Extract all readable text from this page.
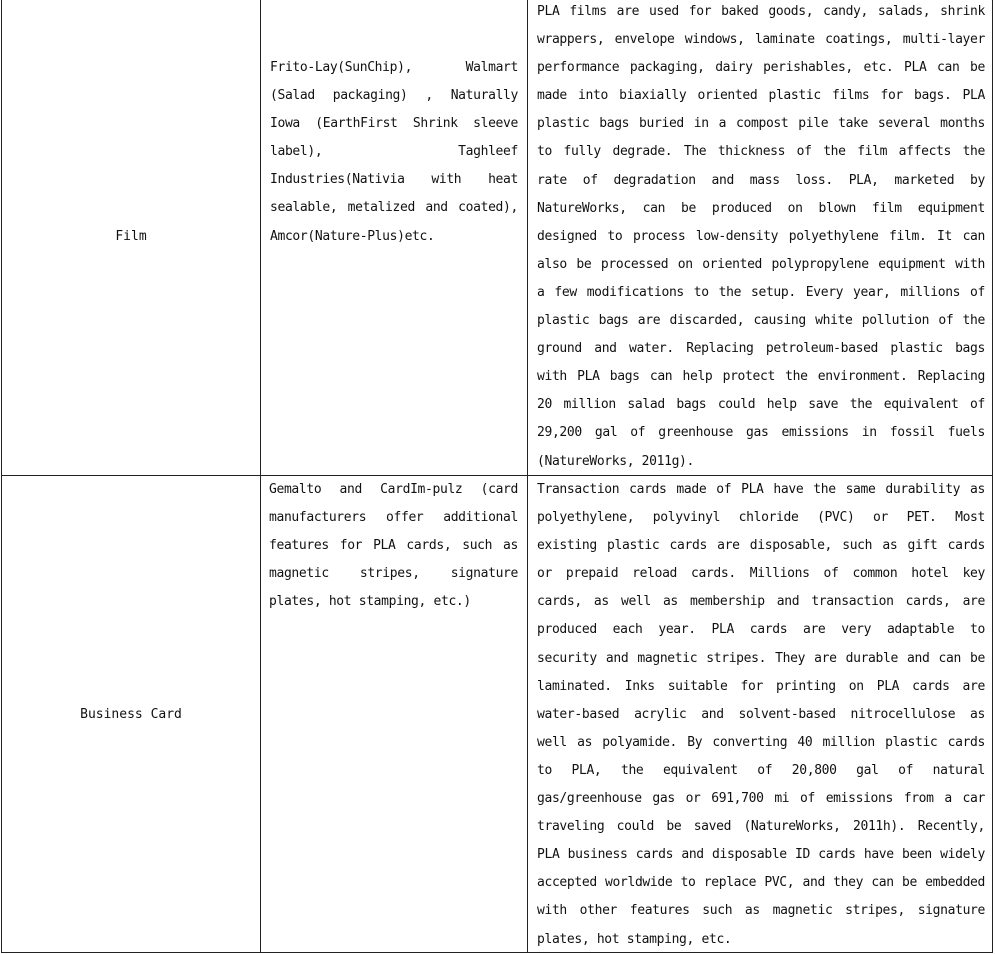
Film
Frito-Lay(SunChip), Walmart (Salad packaging) , Naturally Iowa (EarthFirst Shrink sleeve label), Taghleef Industries(Nativia with heat sealable, metalized and coated), Amcor(Nature-Plus)etc.
PLA films are used for baked goods, candy, salads, shrink wrappers, envelope windows, laminate coatings, multi-layer performance packaging, dairy perishables, etc. PLA can be made into biaxially oriented plastic films for bags. PLA plastic bags buried in a compost pile take several months to fully degrade. The thickness of the film affects the rate of degradation and mass loss. PLA, marketed by NatureWorks, can be produced on blown film equipment designed to process low-density polyethylene film. It can also be processed on oriented polypropylene equipment with a few modifications to the setup. Every year, millions of plastic bags are discarded, causing white pollution of the ground and water. Replacing petroleum-based plastic bags with PLA bags can help protect the environment. Replacing 20 million salad bags could help save the equivalent of 29,200 gal of greenhouse gas emissions in fossil fuels (NatureWorks, 2011g).
Business Card
Gemalto and CardIm-pulz (card manufacturers offer additional features for PLA cards, such as magnetic stripes, signature plates, hot stamping, etc.)
Transaction cards made of PLA have the same durability as polyethylene, polyvinyl chloride (PVC) or PET. Most existing plastic cards are disposable, such as gift cards or prepaid reload cards. Millions of common hotel key cards, as well as membership and transaction cards, are produced each year. PLA cards are very adaptable to security and magnetic stripes. They are durable and can be laminated. Inks suitable for printing on PLA cards are water-based acrylic and solvent-based nitrocellulose as well as polyamide. By converting 40 million plastic cards to PLA, the equivalent of 20,800 gal of natural gas/greenhouse gas or 691,700 mi of emissions from a car traveling could be saved (NatureWorks, 2011h). Recently, PLA business cards and disposable ID cards have been widely accepted worldwide to replace PVC, and they can be embedded with other features such as magnetic stripes, signature plates, hot stamping, etc.
